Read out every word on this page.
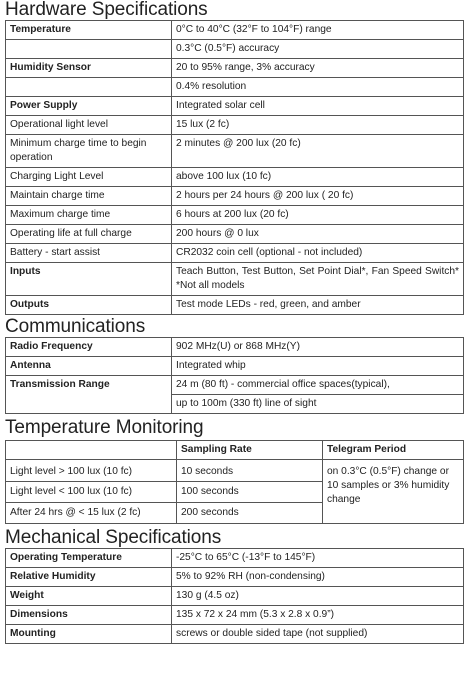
Hardware Specifications
Temperature	0°C to 40°C (32°F to 104°F) range
	0.3°C (0.5°F) accuracy
Humidity Sensor	20 to 95% range, 3% accuracy
	0.4% resolution
Power Supply	Integrated solar cell
Operational light level	15 lux (2 fc)
Minimum charge time to begin operation	2 minutes @ 200 lux (20 fc)
Charging Light Level	above 100 lux (10 fc)
Maintain charge time	2 hours per 24 hours @ 200 lux ( 20 fc)
Maximum charge time	6 hours at 200 lux (20 fc)
Operating life at full charge	200 hours @ 0 lux
Battery - start assist	CR2032 coin cell (optional - not included)
Inputs	Teach Button, Test Button, Set Point Dial*, Fan Speed Switch* *Not all models
Outputs	Test mode LEDs - red, green, and amber
Communications
Radio Frequency	902 MHz(U) or 868 MHz(Y)
Antenna	Integrated whip
Transmission Range	24 m (80 ft) - commercial office spaces(typical),
	up to 100m (330 ft) line of sight
Temperature Monitoring
	Sampling Rate	Telegram Period
Light level > 100 lux (10 fc)	10 seconds	on 0.3°C (0.5°F) change or 10 samples or 3% humidity change
Light level < 100 lux (10 fc)	100 seconds	
After 24 hrs @ < 15 lux (2 fc)	200 seconds	
Mechanical Specifications
Operating Temperature	-25°C to 65°C (-13°F to 145°F)
Relative Humidity	5% to 92% RH (non-condensing)
Weight	130 g (4.5 oz)
Dimensions	135 x 72 x 24 mm (5.3 x 2.8 x 0.9”)
Mounting	screws or double sided tape (not supplied)
